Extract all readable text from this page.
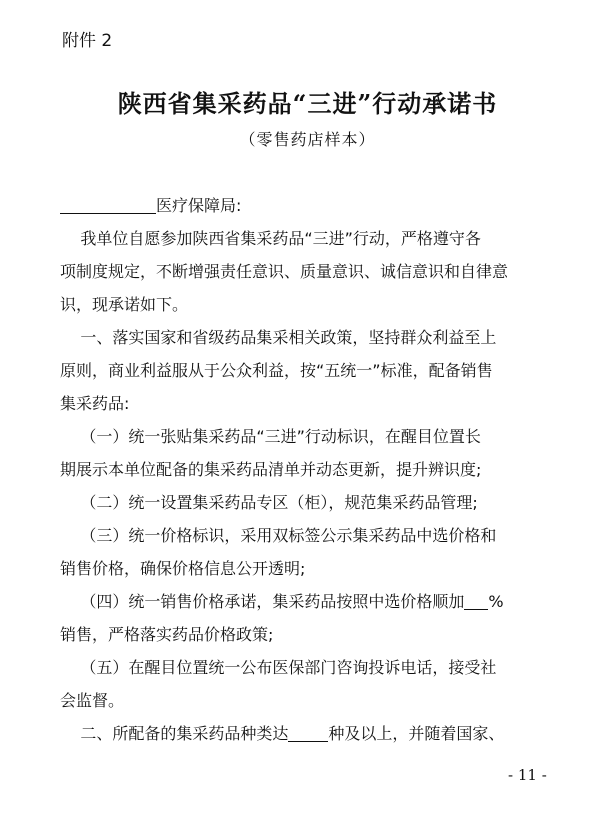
附件 2
陕西省集采药品“三进”行动承诺书
（零售药店样本）
医疗保障局:
我单位自愿参加陕西省集采药品“三进”行动，严格遵守各
项制度规定，不断增强责任意识、质量意识、诚信意识和自律意
识，现承诺如下。
一、落实国家和省级药品集采相关政策，坚持群众利益至上
原则，商业利益服从于公众利益，按“五统一”标准，配备销售
集采药品:
（一）统一张贴集采药品“三进”行动标识，在醒目位置长
期展示本单位配备的集采药品清单并动态更新，提升辨识度;
（二）统一设置集采药品专区（柜），规范集采药品管理;
（三）统一价格标识，采用双标签公示集采药品中选价格和
销售价格，确保价格信息公开透明;
（四）统一销售价格承诺，集采药品按照中选价格顺加 %
销售，严格落实药品价格政策;
（五）在醒目位置统一公布医保部门咨询投诉电话，接受社
会监督。
二、所配备的集采药品种类达	种及以上，并随着国家、
- 11 -
